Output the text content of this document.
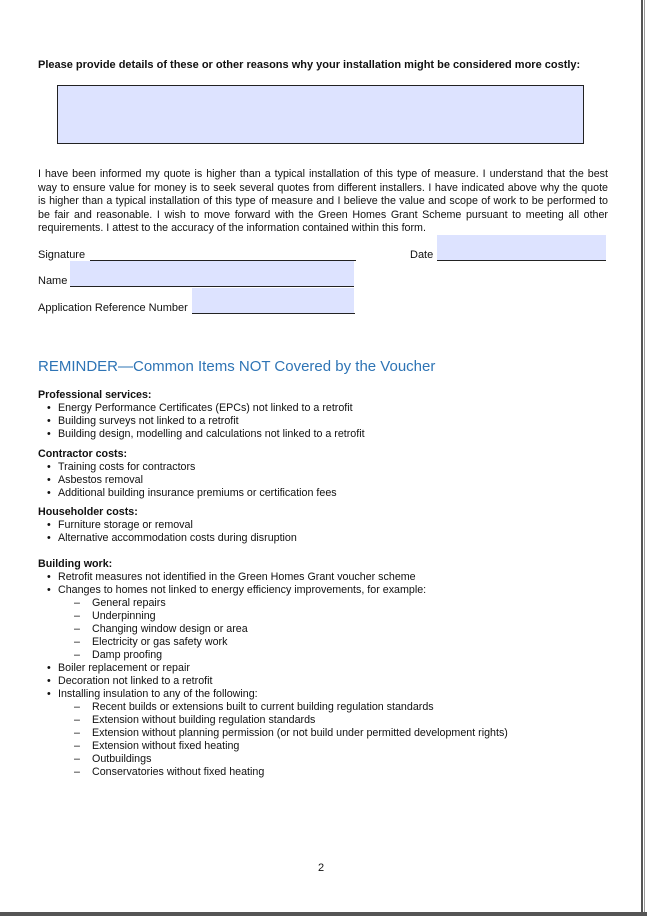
Please provide details of these or other reasons why your installation might be considered more costly:
I have been informed my quote is higher than a typical installation of this type of measure. I understand that the best way to ensure value for money is to seek several quotes from different installers. I have indicated above why the quote is higher than a typical installation of this type of measure and I believe the value and scope of work to be performed to be fair and reasonable. I wish to move forward with the Green Homes Grant Scheme pursuant to meeting all other requirements. I attest to the accuracy of the information contained within this form.
Signature	Date
Name
Application Reference Number
REMINDER—Common Items NOT Covered by the Voucher
Professional services:
• Energy Performance Certificates (EPCs) not linked to a retrofit
• Building surveys not linked to a retrofit
• Building design, modelling and calculations not linked to a retrofit
Contractor costs:
• Training costs for contractors
• Asbestos removal
• Additional building insurance premiums or certification fees
Householder costs:
• Furniture storage or removal
• Alternative accommodation costs during disruption
Building work:
• Retrofit measures not identified in the Green Homes Grant voucher scheme
• Changes to homes not linked to energy efficiency improvements, for example:
– General repairs
– Underpinning
– Changing window design or area
– Electricity or gas safety work
– Damp proofing
• Boiler replacement or repair
• Decoration not linked to a retrofit
• Installing insulation to any of the following:
– Recent builds or extensions built to current building regulation standards
– Extension without building regulation standards
– Extension without planning permission (or not build under permitted development rights)
– Extension without fixed heating
– Outbuildings
– Conservatories without fixed heating
2
